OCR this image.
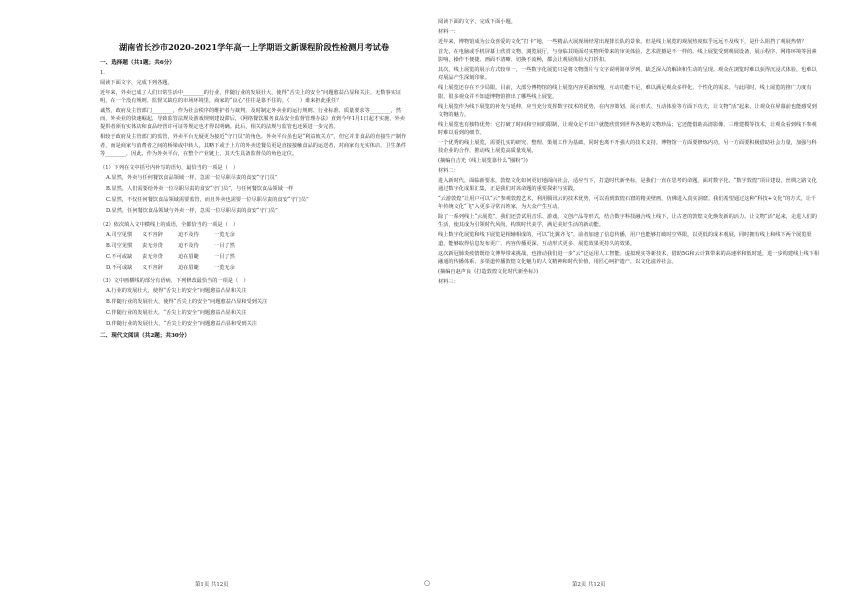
湖南省长沙市2020-2021学年高一上学期语文新课程阶段性检测月考试卷
一、选择题（共1题；共6分）

1.

阅读下面文字，完成下列各题。

近年来，外卖已成了人们日常生活中________的行业，伴随行业的发展壮大，使得“舌尖上的安全”问题愈益凸显和关注。无数事实证明，在一个没有规则、监督又缺位的市场环境里，商家的“良心”往往是靠不住的。（　　）谁来担此重任？

诚然，政府及主管部门________，作为社会秩序的维护者与裁判，及时制定外卖业的运行规则、行业标准、质量要求等________，然而，外卖业的快速崛起，导致监管法规及游戏规则建设滞后，《网络餐饮服务食品安全监督管理办法》直到今年1月1日起才实施，外卖提供者须有实体店和食品经营许可证等规定也才得以明确。此后，相关的法规与监管也还须进一步完善。

相较于政府及主管部门的监管，外卖平台无疑更为接近“守门员”的角色。外卖平台虽也是“利益攸关方”，但它并非食品的直接生产制作者，而是商家与消费者之间的桥梁或中转人，其略下或于上方的外卖送餐员更是直接接触食品的运送者，对商家有无实体店、卫生条件等________，因此，作为外卖平台，在整个产业链上，其天生具备监督员的角色定位。

（1）下列在文中括号内补写的语句，最恰当的一项是（　）

A.显然，外卖与任何餐饮食品领域一样，急需一位尽职尽责的食安“守门员”
B.显然，人们需要给外卖一位尽职尽责的食安“守门员”，与任何餐饮食品领域一样
C.显然，不仅任何餐饮食品领域需要监管，而且外卖也需要一位尽职尽责的食安“守门员”
D.显然，任何餐饮食品领域与外卖一样，急需一位尽职尽责的食安“守门员”

（2）依次填入文中横线上的成语，全都恰当的一项是（　）

A.司空见惯	义不容辞	迫不及待	一览无余
B.司空见惯	责无旁贷	迫不及待	一目了然
C.不可或缺	责无旁贷	迫在眉睫	一目了然
D.不可或缺	义不容辞	迫在眉睫	一览无余

（3）文中画横线的部分有语病，下列修改最恰当的一项是（　）

A.行业的发展壮大，使得“舌尖上的安全”问题愈益凸显和关注
B.伴随行业的发展壮大，使得“舌尖上的安全”问题愈益凸显和受到关注
C.伴随行业的发展壮大，“舌尖上的安全”问题愈益凸显和关注
D.伴随行业的发展壮大，“舌尖上的安全”问题愈益凸显和受到关注
二、现代文阅读（共2题；共30分）

阅读下面的文字，完成下面小题。

材料一：

近年来，博物馆成为公众喜爱的文化“打卡”地，一些精品大展现场经常出现排长队的景象。但是线上展览的观展热度似乎远远不及线下，是什么阻挡了观展热情？

首先，在电脑或手机屏幕上欣赏文物、浏览展厅，与身临其境面对实物所带来的审美体验，艺术震撼是不一样的。线上展览受到观展设备、展示程序、网络环境等因素影响，操作不便捷、画面不清晰、切换不流畅，都会让观展体验大打折扣。

其次，线上展览的展示方式较单一，一些数字化展览只是将文物图片与文字说明简单罗列，缺乏深入的解读和生动的呈现。观众在浏览时难以获得沉浸式体验，也难以对展品产生深刻印象。

线上展览还存在不少局限。目前，大部分博物馆的线上展览内容更新较慢，互动功能不足，难以满足观众多样化、个性化的需求。与此同时，线上展览的推广力度有限，很多观众并不知道博物馆推出了哪些线上展览。

线上展览作为线下展览的补充与延伸，应当充分发挥数字技术的优势，在内容策划、展示形式、互动体验等方面下功夫，让文物“活”起来，让观众在屏幕前也能感受到文物的魅力。

线上展览也有独特优势：它打破了时间和空间的限制，让观众足不出户就能欣赏到世界各地的文物珍品；它还能借助高清影像、三维建模等技术，让观众看到线下参观时难以看到的细节。

一个优秀的线上展览，需要扎实的研究、整理、策划工作为基础，同时也离不开强大的技术支持。博物馆一方面要修炼内功，另一方面要积极借助社会力量，加强与科技企业的合作，推动线上展览高质量发展。

(摘编自吉光《线上展览靠什么“圈粉”》)

材料二：

进入新时代，面临新要求，敦煌文化如何更好地面向社会，适应当下，打造时代新坐标，是我们一直在思考的命题。面对数字化，“数字敦煌”项目建设，丝绸之路文化通过数字化成果汇集，正是我们对该命题的重要探索与实践。

“云游敦煌”让用户可以“云”参观敦煌艺术，利用腾讯云的技术优势，可以看到敦煌石窟的精美壁画，仿佛进入真实洞窟。我们希望通过这种“科技+文化”的方式，让千年传统文化“飞”入更多寻常百姓家，为大众产生互动。

除了一系列线上“云展览”，我们还尝试用音乐、游戏、文创产品等形式，结合数字科技融合线上线下，让古老的敦煌文化焕发新的活力。让文物“活”起来，走进人们的生活，使其成为引领时代风尚、构筑时代美学，满足美好生活的新动能。

线上数字化展览和线下展览是相辅相成的，可以“比翼齐飞”。前者加速了信息传播，用户也能够打破时空界限，以更低的成本观展，同时拥有线上和线下两个展览渠道，能够取得信息发布更广、内容传播更深、互动形式更多、展览效果更持久的效果。

这次新冠肺炎疫情既给文博界带来挑战，也推动我们进一步“云”泛运用人工智能、虚拟现实等新技术，借助5G和云计算带来的高速率和低时延，进一步构建线上线下相融通的传播体系，多渠道传播敦煌文化魅力的人文精神和时代价值，用匠心呵护遗产，以文化滋养社会。

(摘编自赵声良《打造敦煌文化时代新坐标》)

材料三：

第1页 共12页	○	第2页 共12页
